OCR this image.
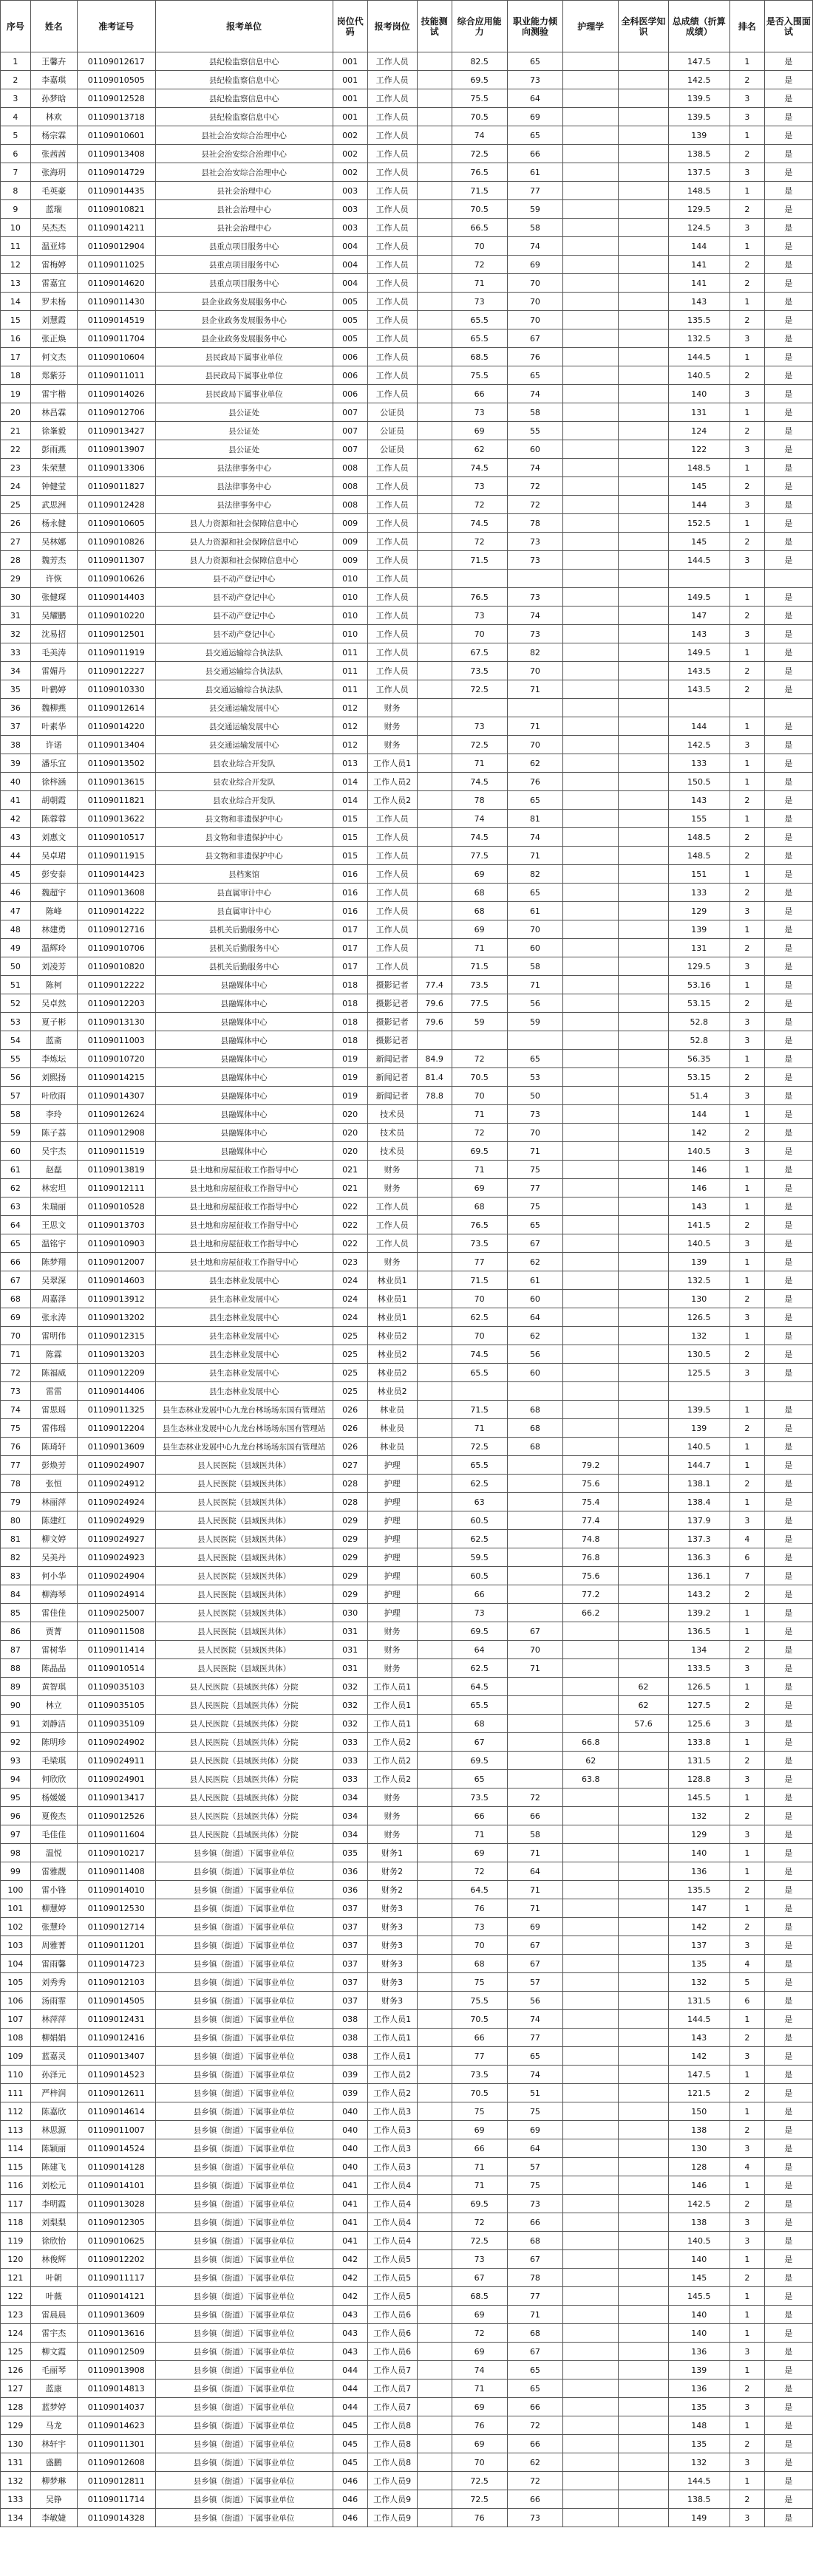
序号	姓名	准考证号	报考单位	岗位代码	报考岗位	技能测试	综合应用能力	职业能力倾向测验	护理学	全科医学知识	总成绩（折算成绩）	排名	是否入围面试
1	王馨卉	01109012617	县纪检监察信息中心	001	工作人员		82.5	65			147.5	1	是
2	李嘉琪	01109010505	县纪检监察信息中心	001	工作人员		69.5	73			142.5	2	是
3	孙梦晗	01109012528	县纪检监察信息中心	001	工作人员		75.5	64			139.5	3	是
4	林欢	01109013718	县纪检监察信息中心	001	工作人员		70.5	69			139.5	3	是
5	杨宗霖	01109010601	县社会治安综合治理中心	002	工作人员		74	65			139	1	是
6	张茜茜	01109013408	县社会治安综合治理中心	002	工作人员		72.5	66			138.5	2	是
7	张海玥	01109014729	县社会治安综合治理中心	002	工作人员		76.5	61			137.5	3	是
8	毛英豪	01109014435	县社会治理中心	003	工作人员		71.5	77			148.5	1	是
9	蓝瑞	01109010821	县社会治理中心	003	工作人员		70.5	59			129.5	2	是
10	吴杰杰	01109014211	县社会治理中心	003	工作人员		66.5	58			124.5	3	是
11	温亚炜	01109012904	县重点项目服务中心	004	工作人员		70	74			144	1	是
12	雷梅婷	01109011025	县重点项目服务中心	004	工作人员		72	69			141	2	是
13	雷嘉宜	01109014620	县重点项目服务中心	004	工作人员		71	70			141	2	是
14	罗未杨	01109011430	县企业政务发展服务中心	005	工作人员		73	70			143	1	是
15	刘慧霞	01109014519	县企业政务发展服务中心	005	工作人员		65.5	70			135.5	2	是
16	张正焕	01109011704	县企业政务发展服务中心	005	工作人员		65.5	67			132.5	3	是
17	何文杰	01109010604	县民政局下属事业单位	006	工作人员		68.5	76			144.5	1	是
18	郑紫芬	01109011011	县民政局下属事业单位	006	工作人员		75.5	65			140.5	2	是
19	雷宇楷	01109014026	县民政局下属事业单位	006	工作人员		66	74			140	3	是
20	林昌霖	01109012706	县公证处	007	公证员		73	58			131	1	是
21	徐峯毅	01109013427	县公证处	007	公证员		69	55			124	2	是
22	彭雨燕	01109013907	县公证处	007	公证员		62	60			122	3	是
23	朱荣慧	01109013306	县法律事务中心	008	工作人员		74.5	74			148.5	1	是
24	钟健莹	01109011827	县法律事务中心	008	工作人员		73	72			145	2	是
25	武思洲	01109012428	县法律事务中心	008	工作人员		72	72			144	3	是
26	杨永健	01109010605	县人力资源和社会保障信息中心	009	工作人员		74.5	78			152.5	1	是
27	吴林娜	01109010826	县人力资源和社会保障信息中心	009	工作人员		72	73			145	2	是
28	魏芳杰	01109011307	县人力资源和社会保障信息中心	009	工作人员		71.5	73			144.5	3	是
29	许恢	01109010626	县不动产登记中心	010	工作人员								
30	张健琛	01109014403	县不动产登记中心	010	工作人员		76.5	73			149.5	1	是
31	吴耀鹏	01109010220	县不动产登记中心	010	工作人员		73	74			147	2	是
32	沈易招	01109012501	县不动产登记中心	010	工作人员		70	73			143	3	是
33	毛美涛	01109011919	县交通运输综合执法队	011	工作人员		67.5	82			149.5	1	是
34	雷媚丹	01109012227	县交通运输综合执法队	011	工作人员		73.5	70			143.5	2	是
35	叶鹤婷	01109010330	县交通运输综合执法队	011	工作人员		72.5	71			143.5	2	是
36	魏柳燕	01109012614	县交通运输发展中心	012	财务								
37	叶素华	01109014220	县交通运输发展中心	012	财务		73	71			144	1	是
38	许诺	01109013404	县交通运输发展中心	012	财务		72.5	70			142.5	3	是
39	潘乐宜	01109013502	县农业综合开发队	013	工作人员1		71	62			133	1	是
40	徐梓涵	01109013615	县农业综合开发队	014	工作人员2		74.5	76			150.5	1	是
41	胡朝霞	01109011821	县农业综合开发队	014	工作人员2		78	65			143	2	是
42	陈蓉蓉	01109013622	县文物和非遗保护中心	015	工作人员		74	81			155	1	是
43	刘惠文	01109010517	县文物和非遗保护中心	015	工作人员		74.5	74			148.5	2	是
44	吴卓珺	01109011915	县文物和非遗保护中心	015	工作人员		77.5	71			148.5	2	是
45	彭安泰	01109014423	县档案馆	016	工作人员		69	82			151	1	是
46	魏超宇	01109013608	县直属审计中心	016	工作人员		68	65			133	2	是
47	陈峰	01109014222	县直属审计中心	016	工作人员		68	61			129	3	是
48	林建勇	01109012716	县机关后勤服务中心	017	工作人员		69	70			139	1	是
49	温辉玲	01109010706	县机关后勤服务中心	017	工作人员		71	60			131	2	是
50	刘凌芳	01109010820	县机关后勤服务中心	017	工作人员		71.5	58			129.5	3	是
51	陈柯	01109012222	县融媒体中心	018	摄影记者	77.4	73.5	71			53.16	1	是
52	吴卓然	01109012203	县融媒体中心	018	摄影记者	79.6	77.5	56			53.15	2	是
53	夏子彬	01109013130	县融媒体中心	018	摄影记者	79.6	59	59			52.8	3	是
54	蓝斋	01109011003	县融媒体中心	018	摄影记者						52.8	3	是
55	李炼坛	01109010720	县融媒体中心	019	新闻记者	84.9	72	65			56.35	1	是
56	刘熙扬	01109014215	县融媒体中心	019	新闻记者	81.4	70.5	53			53.15	2	是
57	叶欣雨	01109014307	县融媒体中心	019	新闻记者	78.8	70	50			51.4	3	是
58	李玲	01109012624	县融媒体中心	020	技术员		71	73			144	1	是
59	陈子荔	01109012908	县融媒体中心	020	技术员		72	70			142	2	是
60	吴宇杰	01109011519	县融媒体中心	020	技术员		69.5	71			140.5	3	是
61	赵磊	01109013819	县土地和房屋征收工作指导中心	021	财务		71	75			146	1	是
62	林宏坦	01109012111	县土地和房屋征收工作指导中心	021	财务		69	77			146	1	是
63	朱瑞丽	01109010528	县土地和房屋征收工作指导中心	022	工作人员		68	75			143	1	是
64	王思文	01109013703	县土地和房屋征收工作指导中心	022	工作人员		76.5	65			141.5	2	是
65	温铭宇	01109010903	县土地和房屋征收工作指导中心	022	工作人员		73.5	67			140.5	3	是
66	陈梦翔	01109012007	县土地和房屋征收工作指导中心	023	财务		77	62			139	1	是
67	吴翠深	01109014603	县生态林业发展中心	024	林业员1		71.5	61			132.5	1	是
68	周嘉泽	01109013912	县生态林业发展中心	024	林业员1		70	60			130	2	是
69	张永涛	01109013202	县生态林业发展中心	024	林业员1		62.5	64			126.5	3	是
70	雷明伟	01109012315	县生态林业发展中心	025	林业员2		70	62			132	1	是
71	陈霖	01109013203	县生态林业发展中心	025	林业员2		74.5	56			130.5	2	是
72	陈福威	01109012209	县生态林业发展中心	025	林业员2		65.5	60			125.5	3	是
73	雷雷	01109014406	县生态林业发展中心	025	林业员2								
74	雷思瑶	01109011325	县生态林业发展中心九龙台林场场东国有管理站	026	林业员		71.5	68			139.5	1	是
75	雷伟瑶	01109012204	县生态林业发展中心九龙台林场场东国有管理站	026	林业员		71	68			139	2	是
76	陈琦轩	01109013609	县生态林业发展中心九龙台林场场东国有管理站	026	林业员		72.5	68			140.5	1	是
77	彭焕芳	01109024907	县人民医院（县域医共体）	027	护理		65.5		79.2		144.7	1	是
78	张恒	01109024912	县人民医院（县域医共体）	028	护理		62.5		75.6		138.1	2	是
79	林丽萍	01109024924	县人民医院（县域医共体）	028	护理		63		75.4		138.4	1	是
80	陈建红	01109024929	县人民医院（县域医共体）	029	护理		60.5		77.4		137.9	3	是
81	柳文婷	01109024927	县人民医院（县域医共体）	029	护理		62.5		74.8		137.3	4	是
82	吴美丹	01109024923	县人民医院（县域医共体）	029	护理		59.5		76.8		136.3	6	是
83	何小华	01109024904	县人民医院（县域医共体）	029	护理		60.5		75.6		136.1	7	是
84	柳海琴	01109024914	县人民医院（县域医共体）	029	护理		66		77.2		143.2	2	是
85	雷佳佳	01109025007	县人民医院（县域医共体）	030	护理		73		66.2		139.2	1	是
86	贾菁	01109011508	县人民医院（县域医共体）	031	财务		69.5	67			136.5	1	是
87	雷树华	01109011414	县人民医院（县域医共体）	031	财务		64	70			134	2	是
88	陈晶晶	01109010514	县人民医院（县域医共体）	031	财务		62.5	71			133.5	3	是
89	黄智琪	01109035103	县人民医院（县域医共体）分院	032	工作人员1		64.5			62	126.5	1	是
90	林立	01109035105	县人民医院（县域医共体）分院	032	工作人员1		65.5			62	127.5	2	是
91	刘静洁	01109035109	县人民医院（县域医共体）分院	032	工作人员1		68			57.6	125.6	3	是
92	陈明珍	01109024902	县人民医院（县域医共体）分院	033	工作人员2		67		66.8		133.8	1	是
93	毛梁琪	01109024911	县人民医院（县域医共体）分院	033	工作人员2		69.5		62		131.5	2	是
94	何欣欣	01109024901	县人民医院（县域医共体）分院	033	工作人员2		65		63.8		128.8	3	是
95	杨媛媛	01109013417	县人民医院（县域医共体）分院	034	财务		73.5	72			145.5	1	是
96	夏俊杰	01109012526	县人民医院（县域医共体）分院	034	财务		66	66			132	2	是
97	毛佳佳	01109011604	县人民医院（县域医共体）分院	034	财务		71	58			129	3	是
98	温悦	01109010217	县乡镇（街道）下属事业单位	035	财务1		69	71			140	1	是
99	雷雅靓	01109011408	县乡镇（街道）下属事业单位	036	财务2		72	64			136	1	是
100	雷小锋	01109014010	县乡镇（街道）下属事业单位	036	财务2		64.5	71			135.5	2	是
101	柳慧婷	01109012530	县乡镇（街道）下属事业单位	037	财务3		76	71			147	1	是
102	张慧玲	01109012714	县乡镇（街道）下属事业单位	037	财务3		73	69			142	2	是
103	周雅菁	01109011201	县乡镇（街道）下属事业单位	037	财务3		70	67			137	3	是
104	雷雨馨	01109014723	县乡镇（街道）下属事业单位	037	财务3		68	67			135	4	是
105	刘秀秀	01109012103	县乡镇（街道）下属事业单位	037	财务3		75	57			132	5	是
106	汤雨霏	01109014505	县乡镇（街道）下属事业单位	037	财务3		75.5	56			131.5	6	是
107	林萍萍	01109012431	县乡镇（街道）下属事业单位	038	工作人员1		70.5	74			144.5	1	是
108	柳娟娟	01109012416	县乡镇（街道）下属事业单位	038	工作人员1		66	77			143	2	是
109	蓝嘉灵	01109013407	县乡镇（街道）下属事业单位	038	工作人员1		77	65			142	3	是
110	孙泽元	01109014523	县乡镇（街道）下属事业单位	039	工作人员2		73.5	74			147.5	1	是
111	严梓润	01109012611	县乡镇（街道）下属事业单位	039	工作人员2		70.5	51			121.5	2	是
112	陈嘉欣	01109014614	县乡镇（街道）下属事业单位	040	工作人员3		75	75			150	1	是
113	林思源	01109011007	县乡镇（街道）下属事业单位	040	工作人员3		69	69			138	2	是
114	陈颖丽	01109014524	县乡镇（街道）下属事业单位	040	工作人员3		66	64			130	3	是
115	陈建飞	01109014128	县乡镇（街道）下属事业单位	040	工作人员3		71	57			128	4	是
116	刘松元	01109014101	县乡镇（街道）下属事业单位	041	工作人员4		71	75			146	1	是
117	李明霞	01109013028	县乡镇（街道）下属事业单位	041	工作人员4		69.5	73			142.5	2	是
118	刘梨梨	01109012305	县乡镇（街道）下属事业单位	041	工作人员4		72	66			138	3	是
119	徐欣怡	01109010625	县乡镇（街道）下属事业单位	041	工作人员4		72.5	68			140.5	3	是
120	林俊辉	01109012202	县乡镇（街道）下属事业单位	042	工作人员5		73	67			140	1	是
121	叶朝	01109011117	县乡镇（街道）下属事业单位	042	工作人员5		67	78			145	2	是
122	叶薇	01109014121	县乡镇（街道）下属事业单位	042	工作人员5		68.5	77			145.5	1	是
123	雷晨晨	01109013609	县乡镇（街道）下属事业单位	043	工作人员6		69	71			140	1	是
124	雷宇杰	01109013616	县乡镇（街道）下属事业单位	043	工作人员6		72	68			140	1	是
125	柳文霞	01109012509	县乡镇（街道）下属事业单位	043	工作人员6		69	67			136	3	是
126	毛丽琴	01109013908	县乡镇（街道）下属事业单位	044	工作人员7		74	65			139	1	是
127	蓝康	01109014813	县乡镇（街道）下属事业单位	044	工作人员7		71	65			136	2	是
128	蓝梦婷	01109014037	县乡镇（街道）下属事业单位	044	工作人员7		69	66			135	3	是
129	马龙	01109014623	县乡镇（街道）下属事业单位	045	工作人员8		76	72			148	1	是
130	林轩宇	01109011301	县乡镇（街道）下属事业单位	045	工作人员8		69	66			135	2	是
131	盛鹏	01109012608	县乡镇（街道）下属事业单位	045	工作人员8		70	62			132	3	是
132	柳梦琳	01109012811	县乡镇（街道）下属事业单位	046	工作人员9		72.5	72			144.5	1	是
133	吴铮	01109011714	县乡镇（街道）下属事业单位	046	工作人员9		72.5	66			138.5	2	是
134	李敏婕	01109014328	县乡镇（街道）下属事业单位	046	工作人员9		76	73			149	3	是
